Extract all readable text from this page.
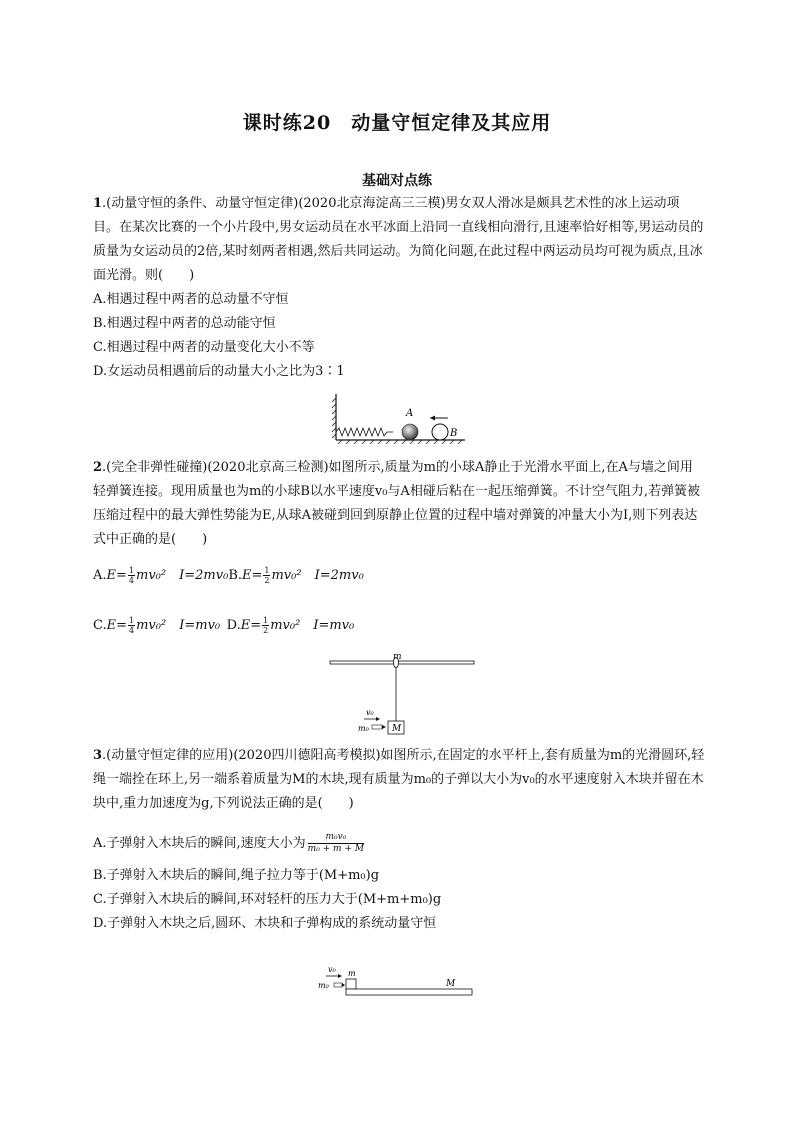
课时练20　动量守恒定律及其应用
基础对点练
1.(动量守恒的条件、动量守恒定律)(2020北京海淀高三三模)男女双人滑冰是颇具艺术性的冰上运动项目。在某次比赛的一个小片段中,男女运动员在水平冰面上沿同一直线相向滑行,且速率恰好相等,男运动员的质量为女运动员的2倍,某时刻两者相遇,然后共同运动。为简化问题,在此过程中两运动员均可视为质点,且冰面光滑。则(　　)
A.相遇过程中两者的总动量不守恒
B.相遇过程中两者的总动能守恒
C.相遇过程中两者的动量变化大小不等
D.女运动员相遇前后的动量大小之比为3∶1
A
B
2.(完全非弹性碰撞)(2020北京高三检测)如图所示,质量为m的小球A静止于光滑水平面上,在A与墙之间用轻弹簧连接。现用质量也为m的小球B以水平速度v₀与A相碰后粘在一起压缩弹簧。不计空气阻力,若弹簧被压缩过程中的最大弹性势能为E,从球A被碰到回到原静止位置的过程中墙对弹簧的冲量大小为I,则下列表达式中正确的是(　　)
$A.E= \frac{1}{4} mv_0^2$  $I=2mv_0B.E= \frac{1}{2} mv_0^2$  I=2mv₀
$C.E= \frac{1}{4} mv_0^2$  I=mv₀  $D.E= \frac{1}{2} mv_0^2$  I=mv₀
m
M
m₀
v₀
3.(动量守恒定律的应用)(2020四川德阳高考模拟)如图所示,在固定的水平杆上,套有质量为m的光滑圆环,轻绳一端拴在环上,另一端系着质量为M的木块,现有质量为m₀的子弹以大小为v₀的水平速度射入木块并留在木块中,重力加速度为g,下列说法正确的是(　　)
A.子弹射入木块后的瞬间,速度大小为 $\frac{\text{m₀v₀}}{\text{m₀ + m + M}}$
B.子弹射入木块后的瞬间,绳子拉力等于(M+m₀)g
C.子弹射入木块后的瞬间,环对轻杆的压力大于(M+m+m₀)g
D.子弹射入木块之后,圆环、木块和子弹构成的系统动量守恒
v₀
m₀
m
M
